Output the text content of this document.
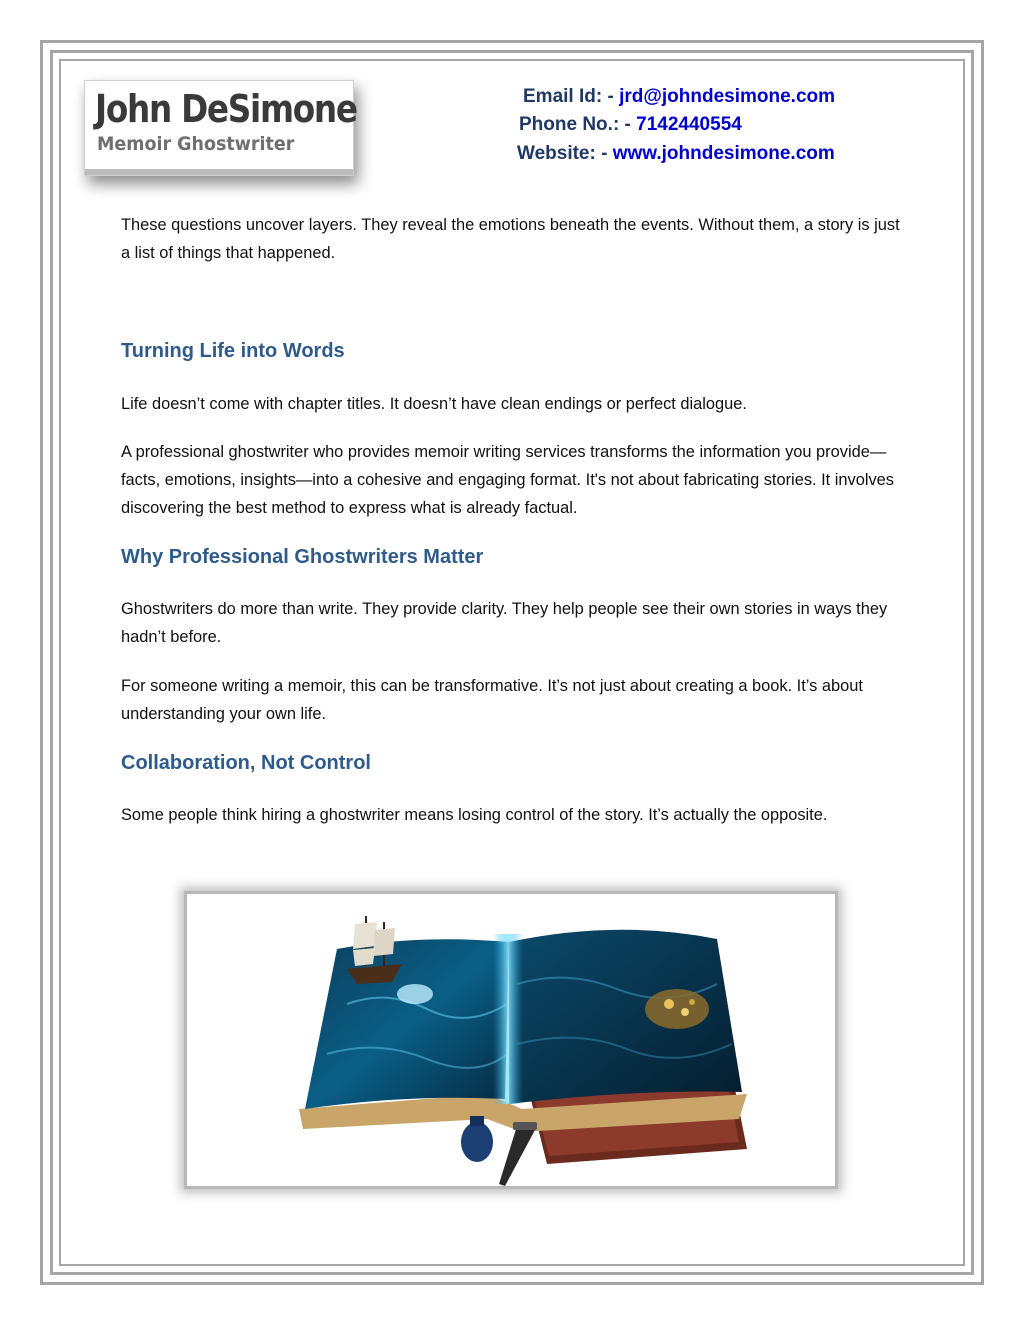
John DeSimone
Memoir Ghostwriter
Email Id: - jrd@johndesimone.com
Phone No.: - 7142440554
Website: - www.johndesimone.com

These questions uncover layers. They reveal the emotions beneath the events. Without them, a story is just a list of things that happened.

Turning Life into Words

Life doesn’t come with chapter titles. It doesn’t have clean endings or perfect dialogue.

A professional ghostwriter who provides memoir writing services transforms the information you provide—facts, emotions, insights—into a cohesive and engaging format. It's not about fabricating stories. It involves discovering the best method to express what is already factual.

Why Professional Ghostwriters Matter

Ghostwriters do more than write. They provide clarity. They help people see their own stories in ways they hadn’t before.

For someone writing a memoir, this can be transformative. It’s not just about creating a book. It’s about understanding your own life.

Collaboration, Not Control

Some people think hiring a ghostwriter means losing control of the story. It’s actually the opposite.
